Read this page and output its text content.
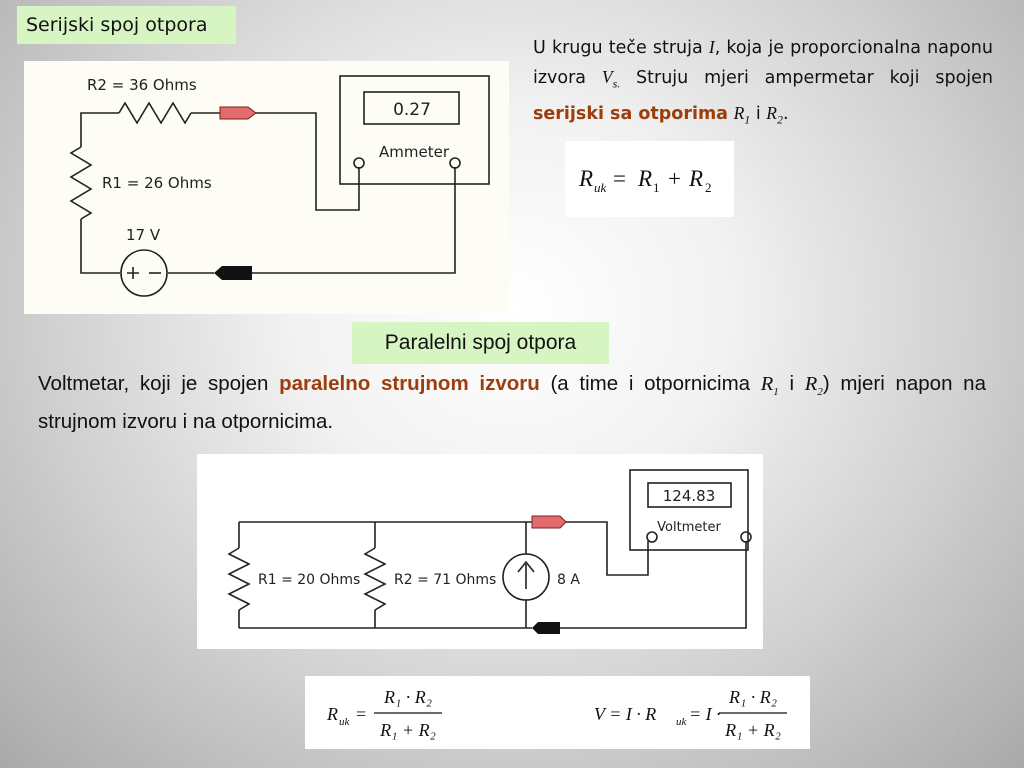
Serijski spoj otpora
Paralelni spoj otpora
R2 = 36 Ohms
R1 = 26 Ohms
17 V
0.27
Ammeter
U krugu teče struja I, koja je proporcionalna naponu izvora $V_{s.}$ Struju mjeri ampermetar koji spojen serijski sa otporima $R_1$ i $R_2$.
R uk = R 1 + R 2
Voltmetar, koji je spojen paralelno strujnom izvoru (a time i otpornicima $R_1$ i $R_2$) mjeri napon na strujnom izvoru i na otpornicima.
R1 = 20 Ohms R2 = 71 Ohms	8 A
124.83
Voltmeter
R uk =
R₁ · R₂
R₁ + R₂
V = I · R uk = I ·
R₁ · R₂
R₁ + R₂	31
